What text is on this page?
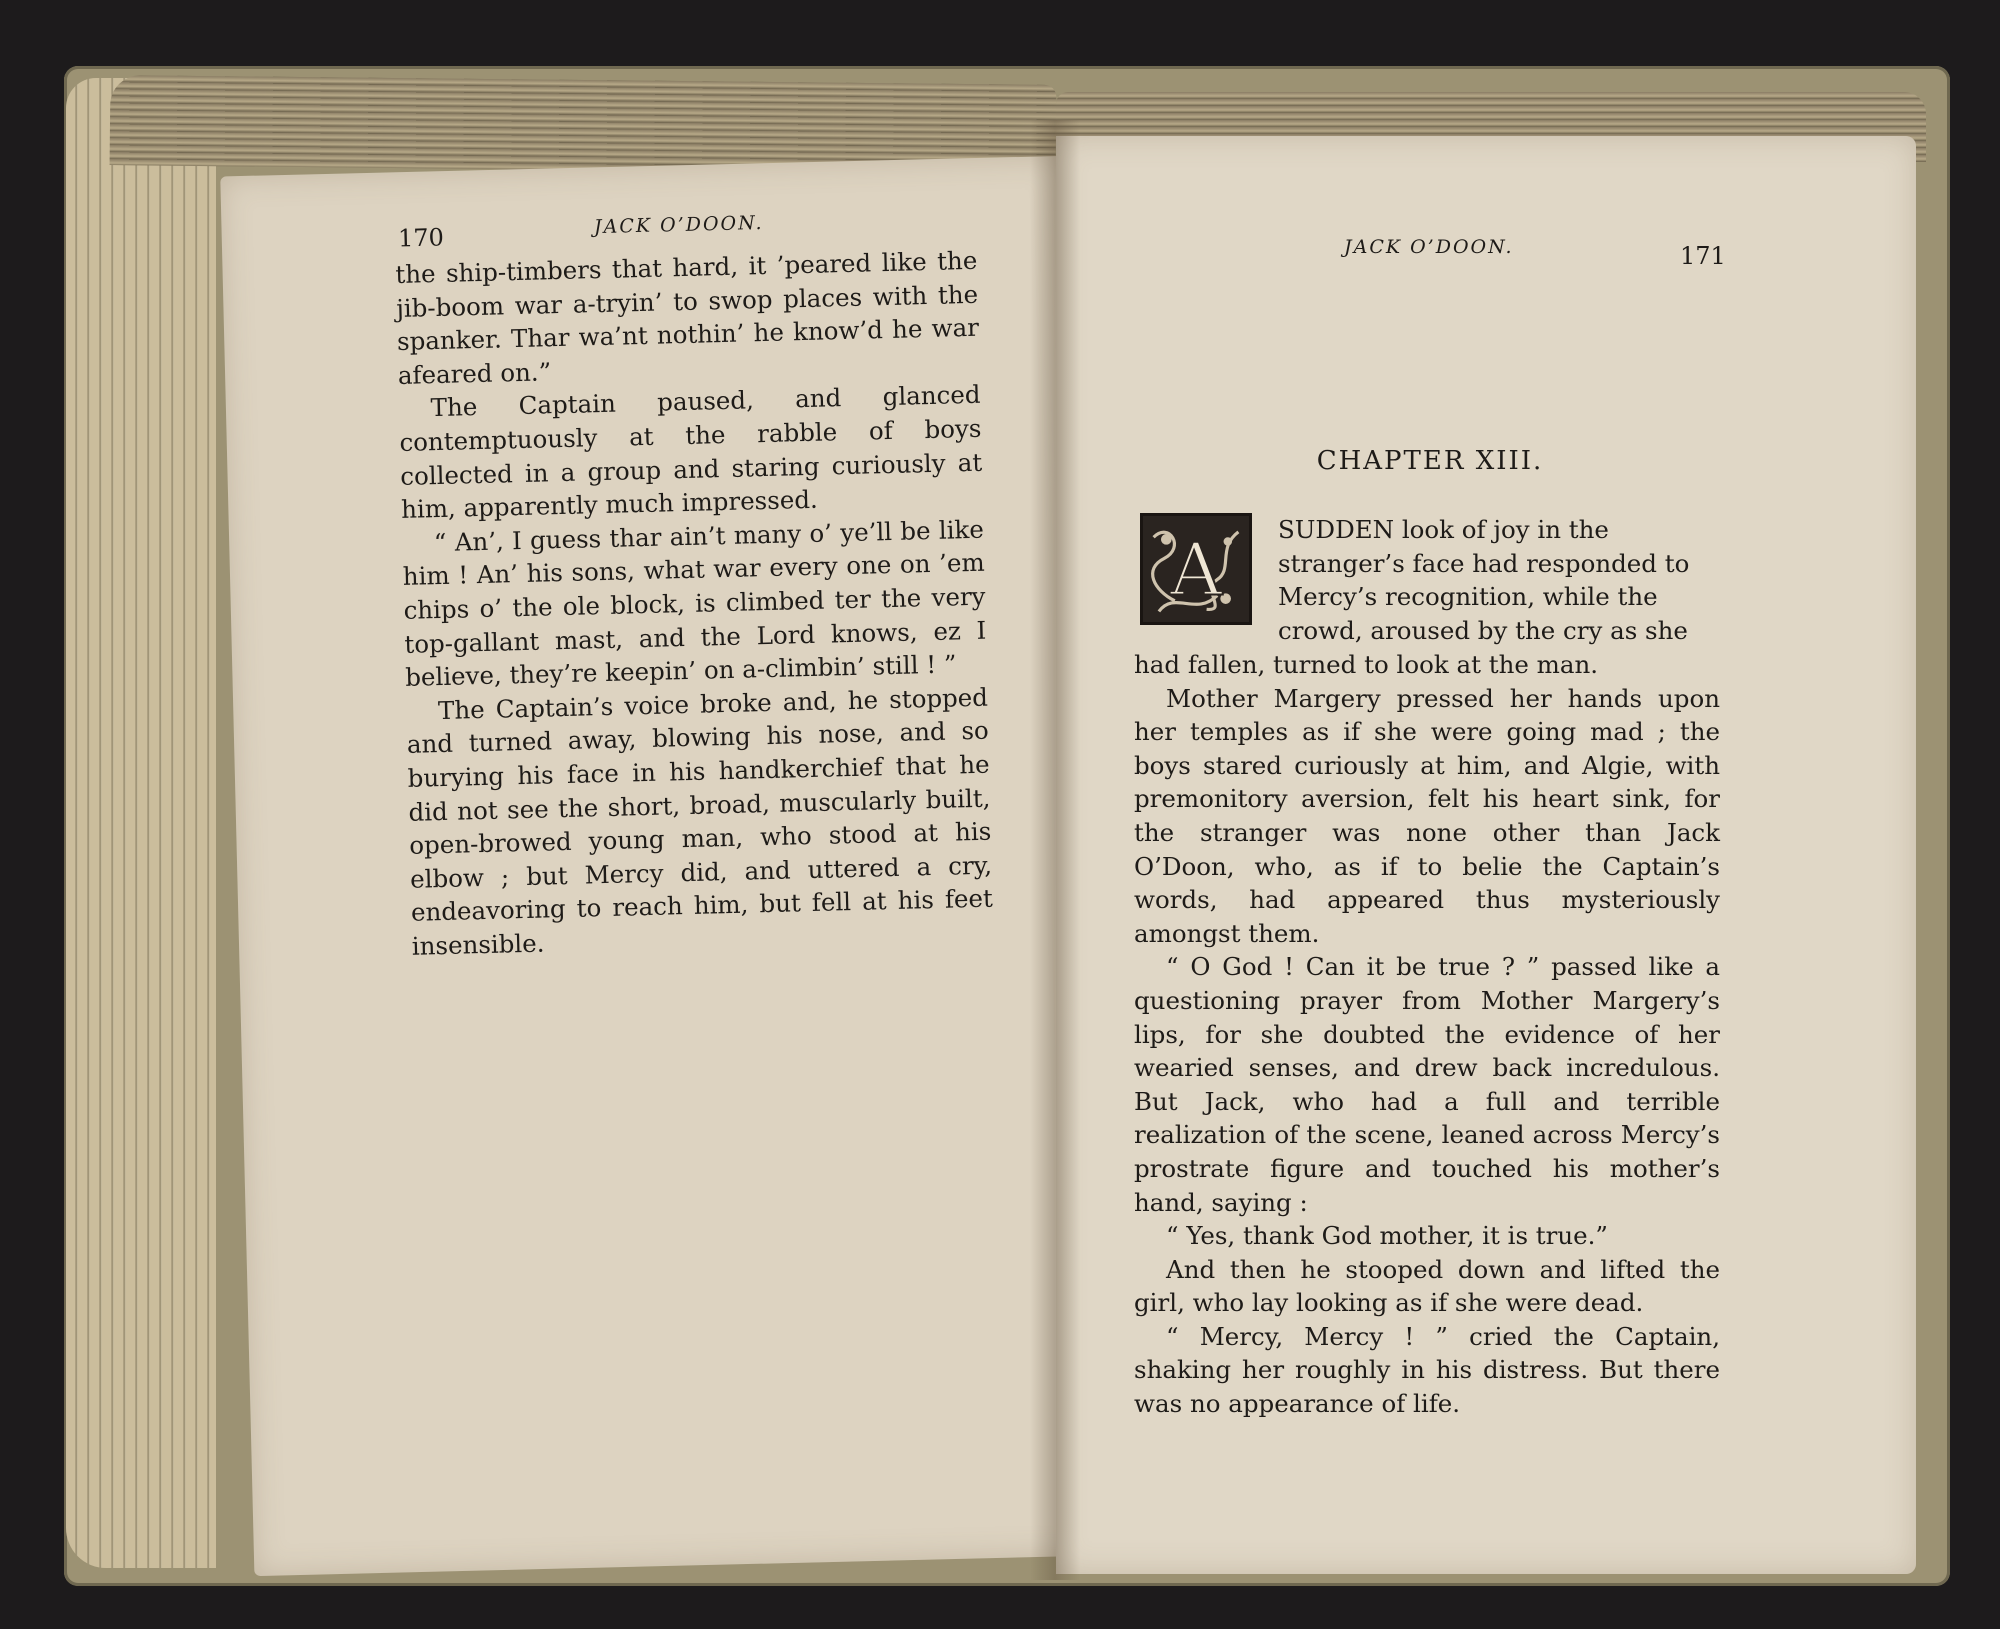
170	JACK O’DOON.

the ship-timbers that hard, it ’peared like the jib-boom war a-tryin’ to swop places with the spanker. Thar wa’nt nothin’ he know’d he war afeared on.”

The Captain paused, and glanced contemptuously at the rabble of boys collected in a group and staring curiously at him, apparently much impressed.

“ An’, I guess thar ain’t many o’ ye’ll be like him ! An’ his sons, what war every one on ’em chips o’ the ole block, is climbed ter the very top-gallant mast, and the Lord knows, ez I believe, they’re keepin’ on a-climbin’ still ! ”

The Captain’s voice broke and, he stopped and turned away, blowing his nose, and so burying his face in his handkerchief that he did not see the short, broad, muscularly built, open-browed young man, who stood at his elbow ; but Mercy did, and uttered a cry, endeavoring to reach him, but fell at his feet insensible.

JACK O’DOON.	171
CHAPTER XIII.
A SUDDEN look of joy in the
stranger’s face had responded to
Mercy’s recognition, while the
crowd, aroused by the cry as she

had fallen, turned to look at the man.

Mother Margery pressed her hands upon her temples as if she were going mad ; the boys stared curiously at him, and Algie, with premonitory aversion, felt his heart sink, for the stranger was none other than Jack O’Doon, who, as if to belie the Captain’s words, had appeared thus mysteriously amongst them.

“ O God ! Can it be true ? ” passed like a questioning prayer from Mother Margery’s lips, for she doubted the evidence of her wearied senses, and drew back incredulous. But Jack, who had a full and terrible realization of the scene, leaned across Mercy’s prostrate figure and touched his mother’s hand, saying :

“ Yes, thank God mother, it is true.”

And then he stooped down and lifted the girl, who lay looking as if she were dead.

“ Mercy, Mercy ! ” cried the Captain, shaking her roughly in his distress. But there was no appearance of life.
